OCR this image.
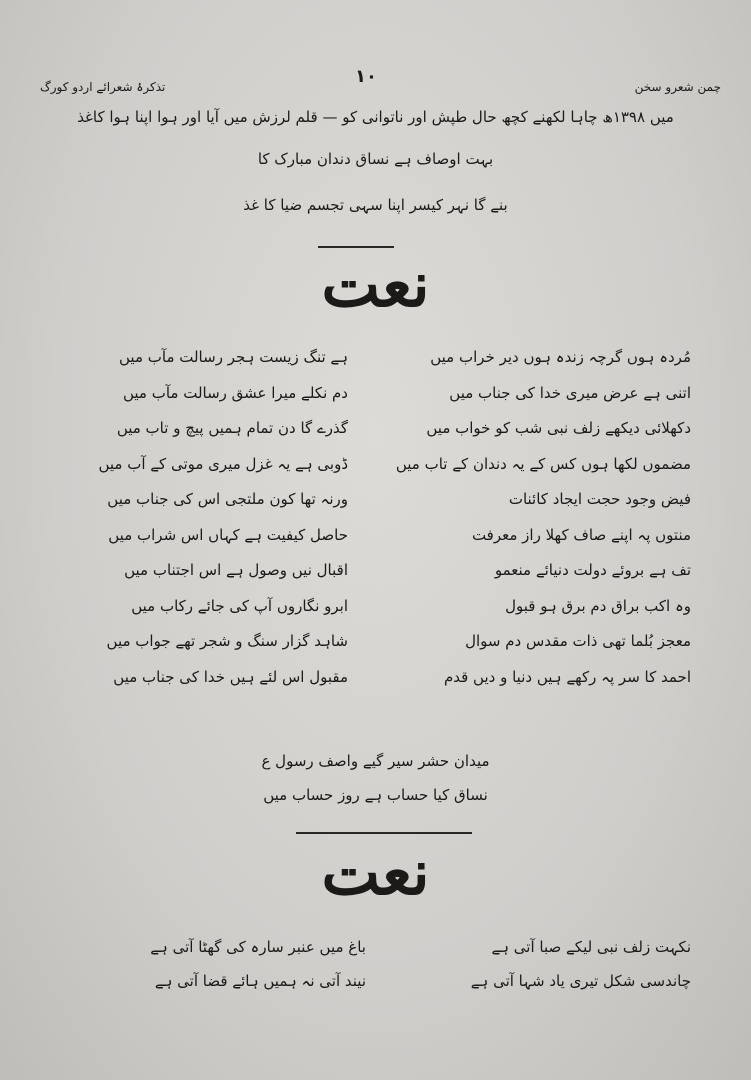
چمن شعرو سخن
۱۰
تذکرۂ شعرائے اردو کورگ
میں ۱۳۹۸ھ چاہا لکھنے کچھ حال طپش اور ناتوانی کو — قلم لرزش میں آیا اور ہوا اپنا ہوا کاغذ
بہت اوصاف ہے نساق دندان مبارک کا
بنے گا نہر کیسر اپنا سہی تجسم ضیا کا غذ
نعت
مُردہ ہوں گرچہ زندہ ہوں دیر خراب میں
اتنی ہے عرض میری خدا کی جناب میں
دکھلائی دیکھے زلف نبی شب کو خواب میں
مضموں لکھا ہوں کس کے یہ دندان کے تاب میں
فیض وجود حجت ایجاد کائنات
منتوں پہ اپنے صاف کھلا راز معرفت
تف ہے بروئے دولت دنیائے منعمو
وہ اکب براق دم برق ہو قبول
معجز بُلما تھی ذات مقدس دم سوال
احمد کا سر پہ رکھے ہیں دنیا و دیں قدم
ہے تنگ زیست ہجر رسالت مآب میں
دم نکلے میرا عشق رسالت مآب میں
گذرے گا دن تمام ہمیں پیچ و تاب میں
ڈوبی ہے یہ غزل میری موتی کے آب میں
ورنہ تھا کون ملتجی اس کی جناب میں
حاصل کیفیت ہے کہاں اس شراب میں
اقبال نیں وصول ہے اس اجتناب میں
ابرو نگاروں آپ کی جائے رکاب میں
شاہد گزار سنگ و شجر تھے جواب میں
مقبول اس لئے ہیں خدا کی جناب میں
میدان حشر سیر گیے واصف رسول ع
نساق کیا حساب ہے روز حساب میں
نعت
نکہت زلف نبی لیکے صبا آتی ہے
چاندسی شکل تیری یاد شہا آتی ہے
باغ میں عنبر سارہ کی گھٹا آتی ہے
نیند آتی نہ ہمیں ہائے قضا آتی ہے
